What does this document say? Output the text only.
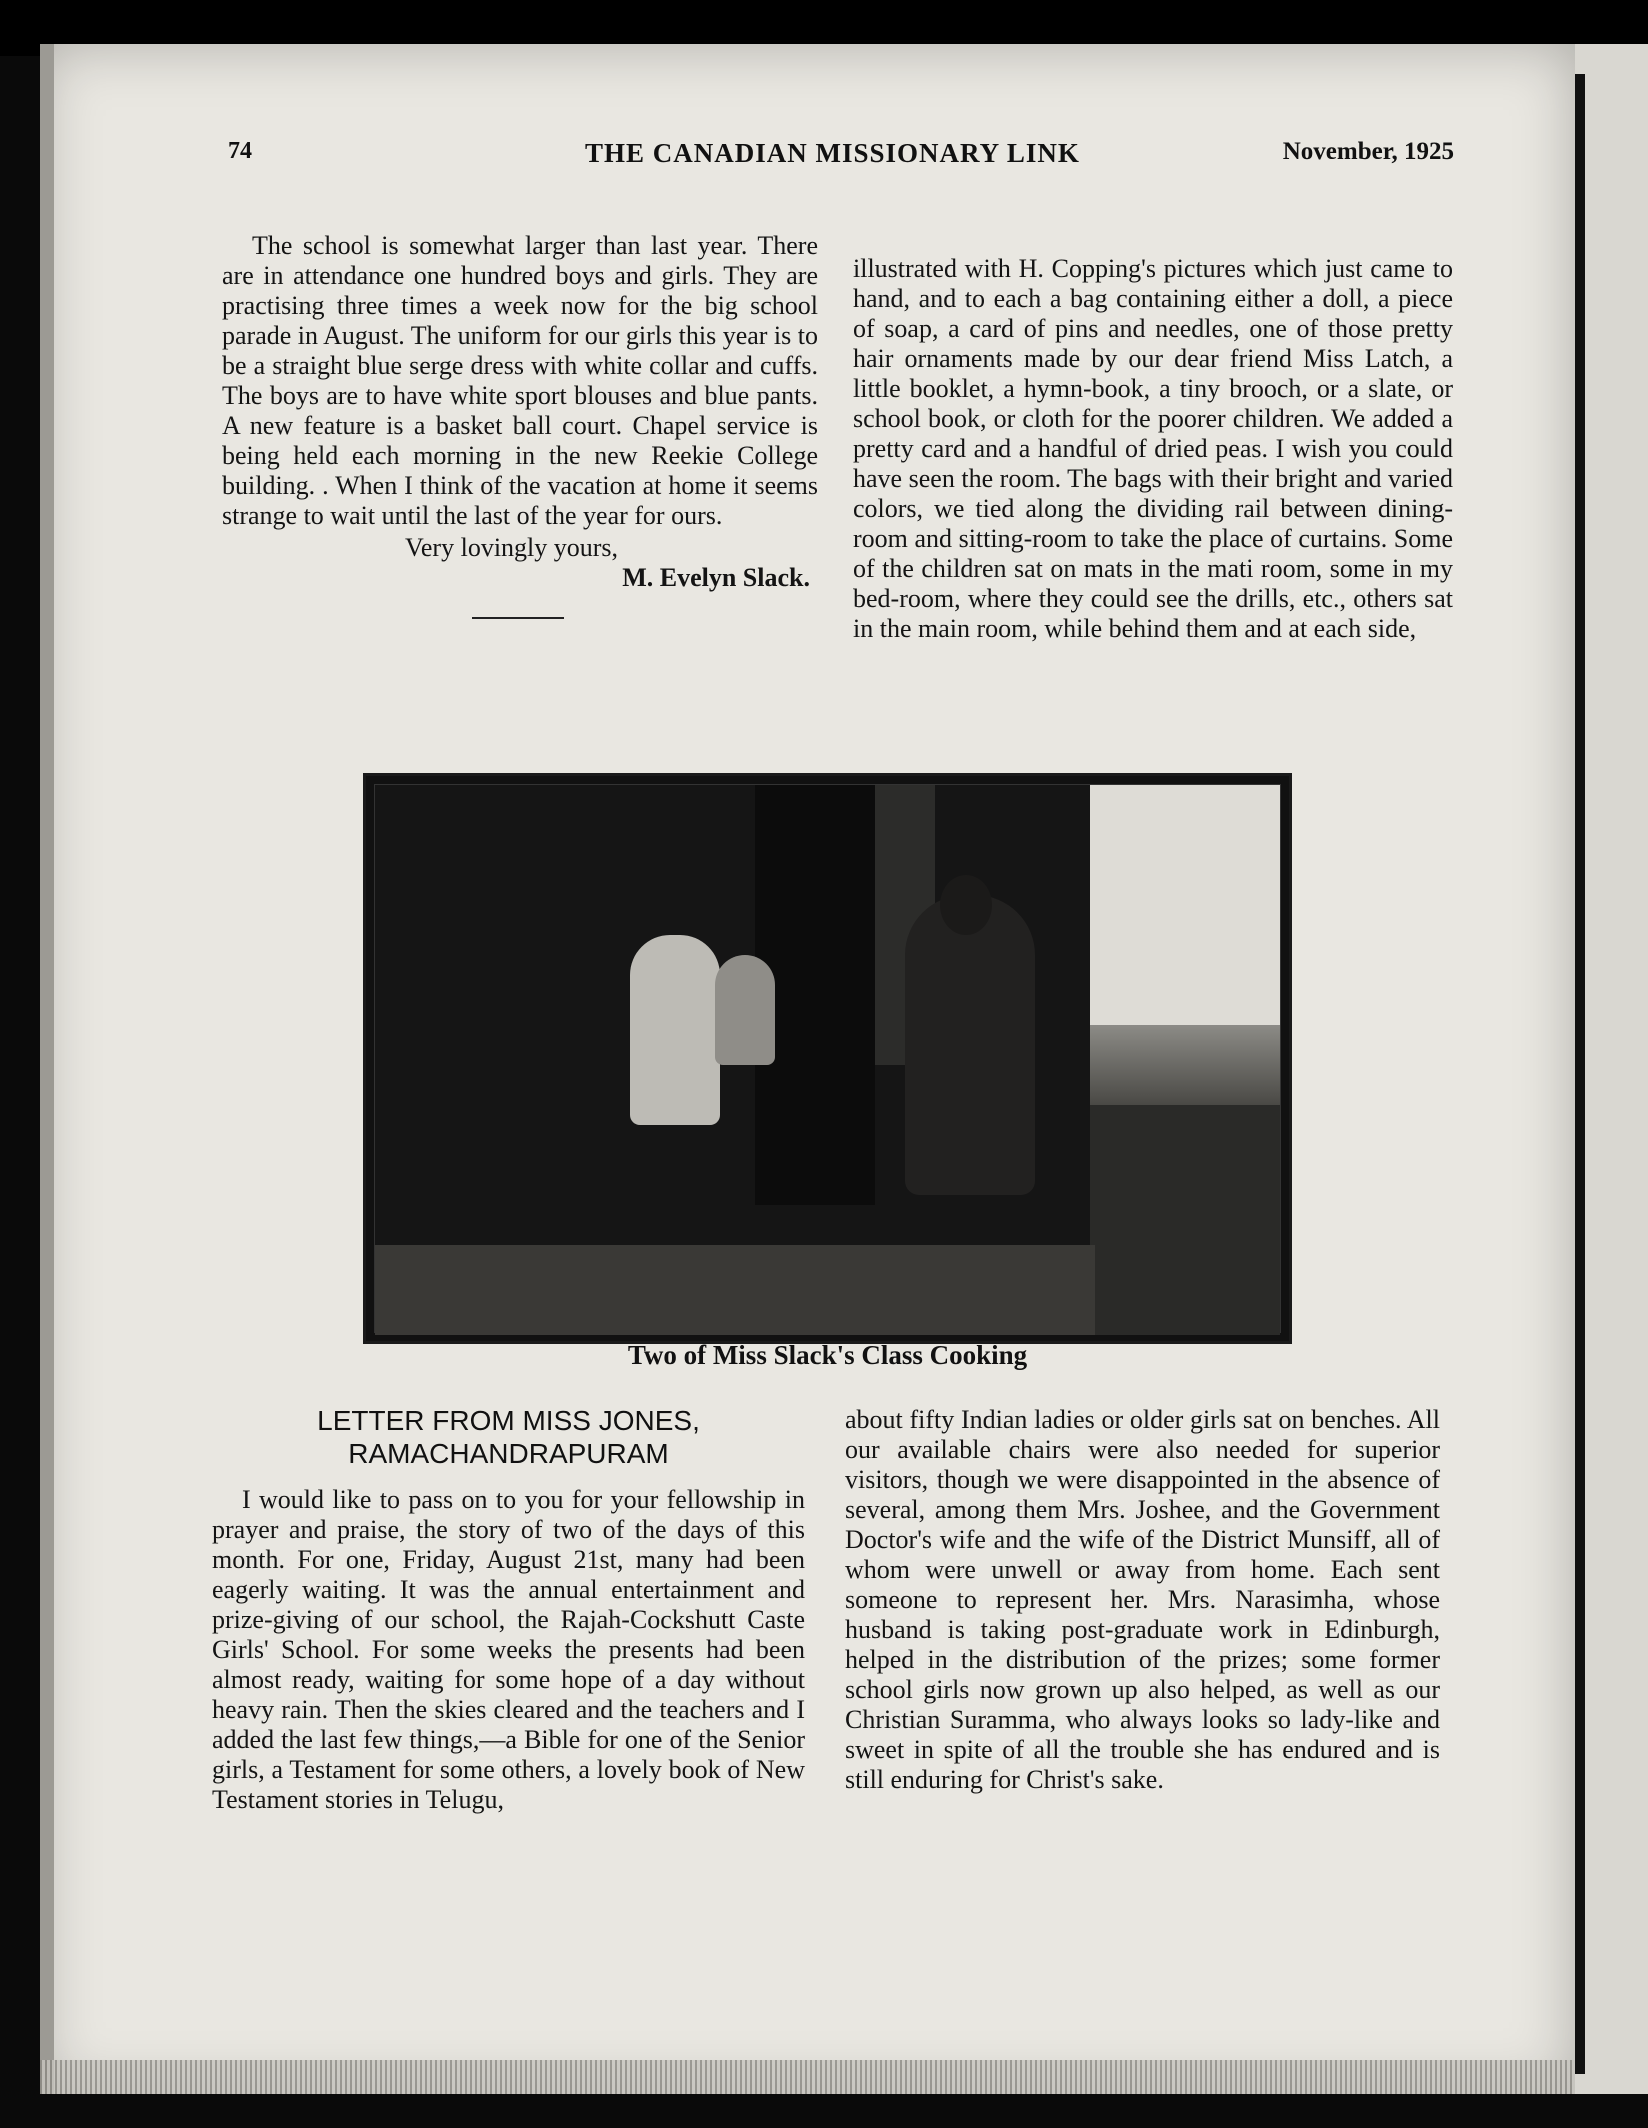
74	THE CANADIAN MISSIONARY LINK	November, 1925

The school is somewhat larger than last year. There are in attendance one hundred boys and girls. They are practising three times a week now for the big school parade in August. The uniform for our girls this year is to be a straight blue serge dress with white collar and cuffs. The boys are to have white sport blouses and blue pants. A new feature is a basket ball court. Chapel service is being held each morning in the new Reekie College building. . When I think of the vacation at home it seems strange to wait until the last of the year for ours.

Very lovingly yours,
M. Evelyn Slack.

illustrated with H. Copping's pictures which just came to hand, and to each a bag containing either a doll, a piece of soap, a card of pins and needles, one of those pretty hair ornaments made by our dear friend Miss Latch, a little booklet, a hymn-book, a tiny brooch, or a slate, or school book, or cloth for the poorer children. We added a pretty card and a handful of dried peas. I wish you could have seen the room. The bags with their bright and varied colors, we tied along the dividing rail between dining-room and sitting-room to take the place of curtains. Some of the children sat on mats in the mati room, some in my bed-room, where they could see the drills, etc., others sat in the main room, while behind them and at each side,

Two of Miss Slack's Class Cooking
LETTER FROM MISS JONES,
RAMACHANDRAPURAM

I would like to pass on to you for your fellowship in prayer and praise, the story of two of the days of this month. For one, Friday, August 21st, many had been eagerly waiting. It was the annual entertainment and prize-giving of our school, the Rajah-Cockshutt Caste Girls' School. For some weeks the presents had been almost ready, waiting for some hope of a day without heavy rain. Then the skies cleared and the teachers and I added the last few things,—a Bible for one of the Senior girls, a Testament for some others, a lovely book of New Testament stories in Telugu,

about fifty Indian ladies or older girls sat on benches. All our available chairs were also needed for superior visitors, though we were disappointed in the absence of several, among them Mrs. Joshee, and the Government Doctor's wife and the wife of the District Munsiff, all of whom were unwell or away from home. Each sent someone to represent her. Mrs. Narasimha, whose husband is taking post-graduate work in Edinburgh, helped in the distribution of the prizes; some former school girls now grown up also helped, as well as our Christian Suramma, who always looks so lady-like and sweet in spite of all the trouble she has endured and is still enduring for Christ's sake.
